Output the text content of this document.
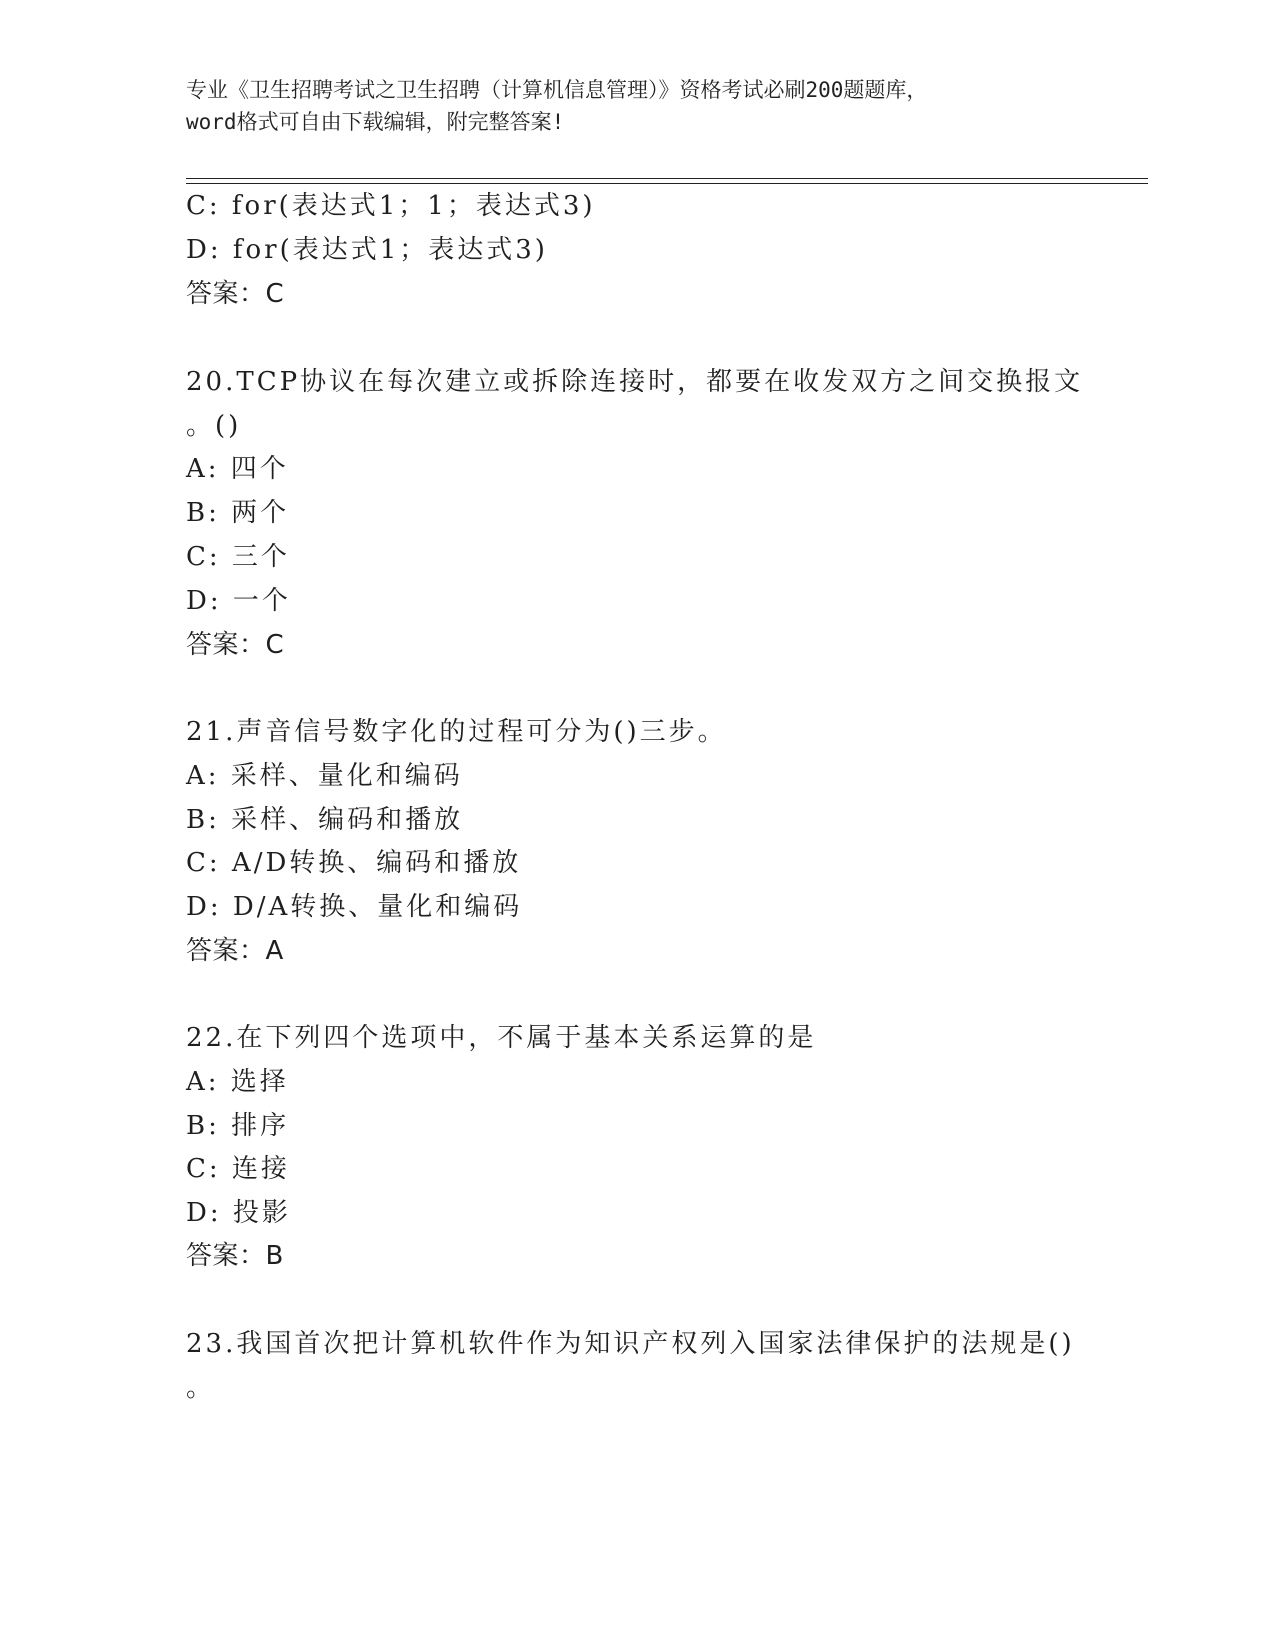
专业《卫生招聘考试之卫生招聘（计算机信息管理）》资格考试必刷200题题库，
word格式可自由下载编辑，附完整答案!
C: for(表达式1；1；表达式3)
D: for(表达式1；表达式3)
答案：C
20.TCP协议在每次建立或拆除连接时，都要在收发双方之间交换报文
。()
A: 四个
B: 两个
C: 三个
D: 一个
答案：C
21.声音信号数字化的过程可分为()三步。
A: 采样、量化和编码
B: 采样、编码和播放
C: A/D转换、编码和播放
D: D/A转换、量化和编码
答案：A
22.在下列四个选项中，不属于基本关系运算的是
A: 选择
B: 排序
C: 连接
D: 投影
答案：B
23.我国首次把计算机软件作为知识产权列入国家法律保护的法规是()
。
